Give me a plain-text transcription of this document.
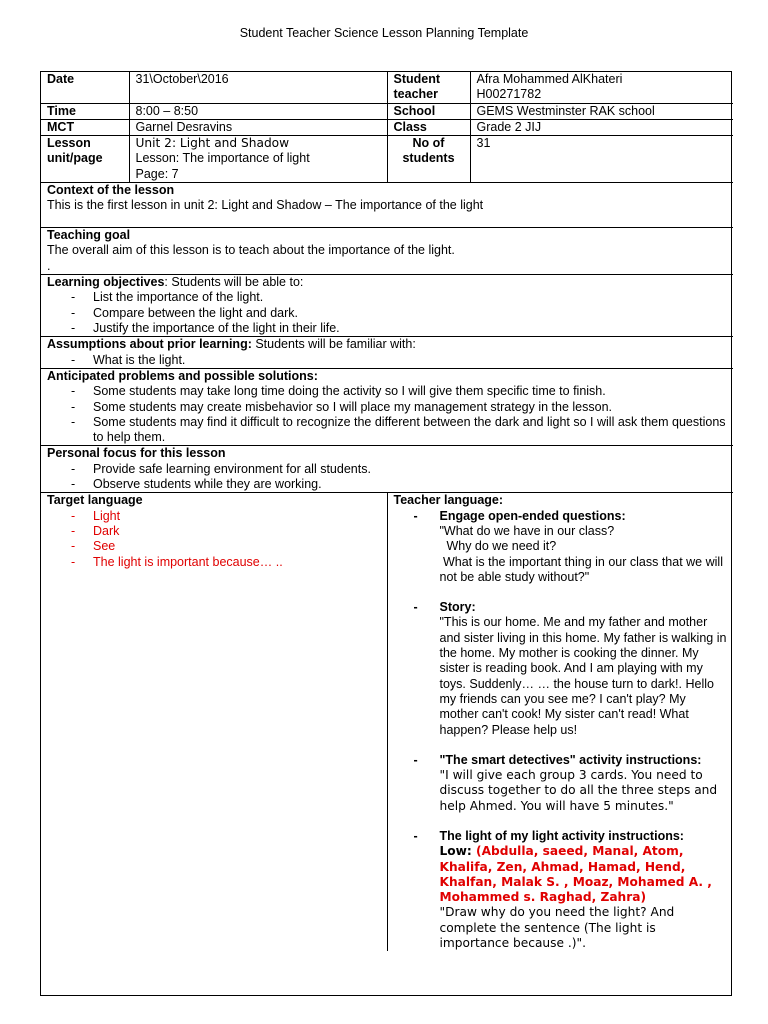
Student Teacher Science Lesson Planning Template
Date	31\October\2016	Student teacher	Afra Mohammed AlKhateri
H00271782

Time	8:00 – 8:50	School	GEMS Westminster RAK school
MCT	Garnel Desravins	Class	Grade 2 JIJ
Lesson unit/page	Unit 2: Light and Shadow
Lesson: The importance of light
Page: 7	No of students	31
Context of the lesson
This is the first lesson in unit 2: Light and Shadow – The importance of the light

Teaching goal
The overall aim of this lesson is to teach about the importance of the light.
.

Learning objectives: Students will be able to:
- List the importance of the light.
- Compare between the light and dark.
- Justify the importance of the light in their life.

Assumptions about prior learning: Students will be familiar with:
- What is the light.

Anticipated problems and possible solutions:
- Some students may take long time doing the activity so I will give them specific time to finish.
- Some students may create misbehavior so I will place my management strategy in the lesson.
- Some students may find it difficult to recognize the different between the dark and light so I will ask them questions to help them.

Personal focus for this lesson
- Provide safe learning environment for all students.
- Observe students while they are working.

Target language
- Light
- Dark
- See
- The light is important because… ..

Teacher language:
- Engage open-ended questions:
"What do we have in our class?
Why do we need it?
What is the important thing in our class that we will not be able study without?"
- Story:
"This is our home. Me and my father and mother and sister living in this home. My father is walking in the home. My mother is cooking the dinner. My sister is reading book. And I am playing with my toys. Suddenly… … the house turn to dark!. Hello my friends can you see me? I can't play? My mother can't cook! My sister can't read! What happen? Please help us!
- "The smart detectives" activity instructions:
"I will give each group 3 cards. You need to discuss together to do all the three steps and help Ahmed. You will have 5 minutes."
- The light of my light activity instructions:
Low: (Abdulla, saeed, Manal, Atom, Khalifa, Zen, Ahmad, Hamad, Hend, Khalfan, Malak S. , Moaz, Mohamed A. , Mohammed s. Raghad, Zahra)
"Draw why do you need the light? And complete the sentence (The light is importance because .)".
